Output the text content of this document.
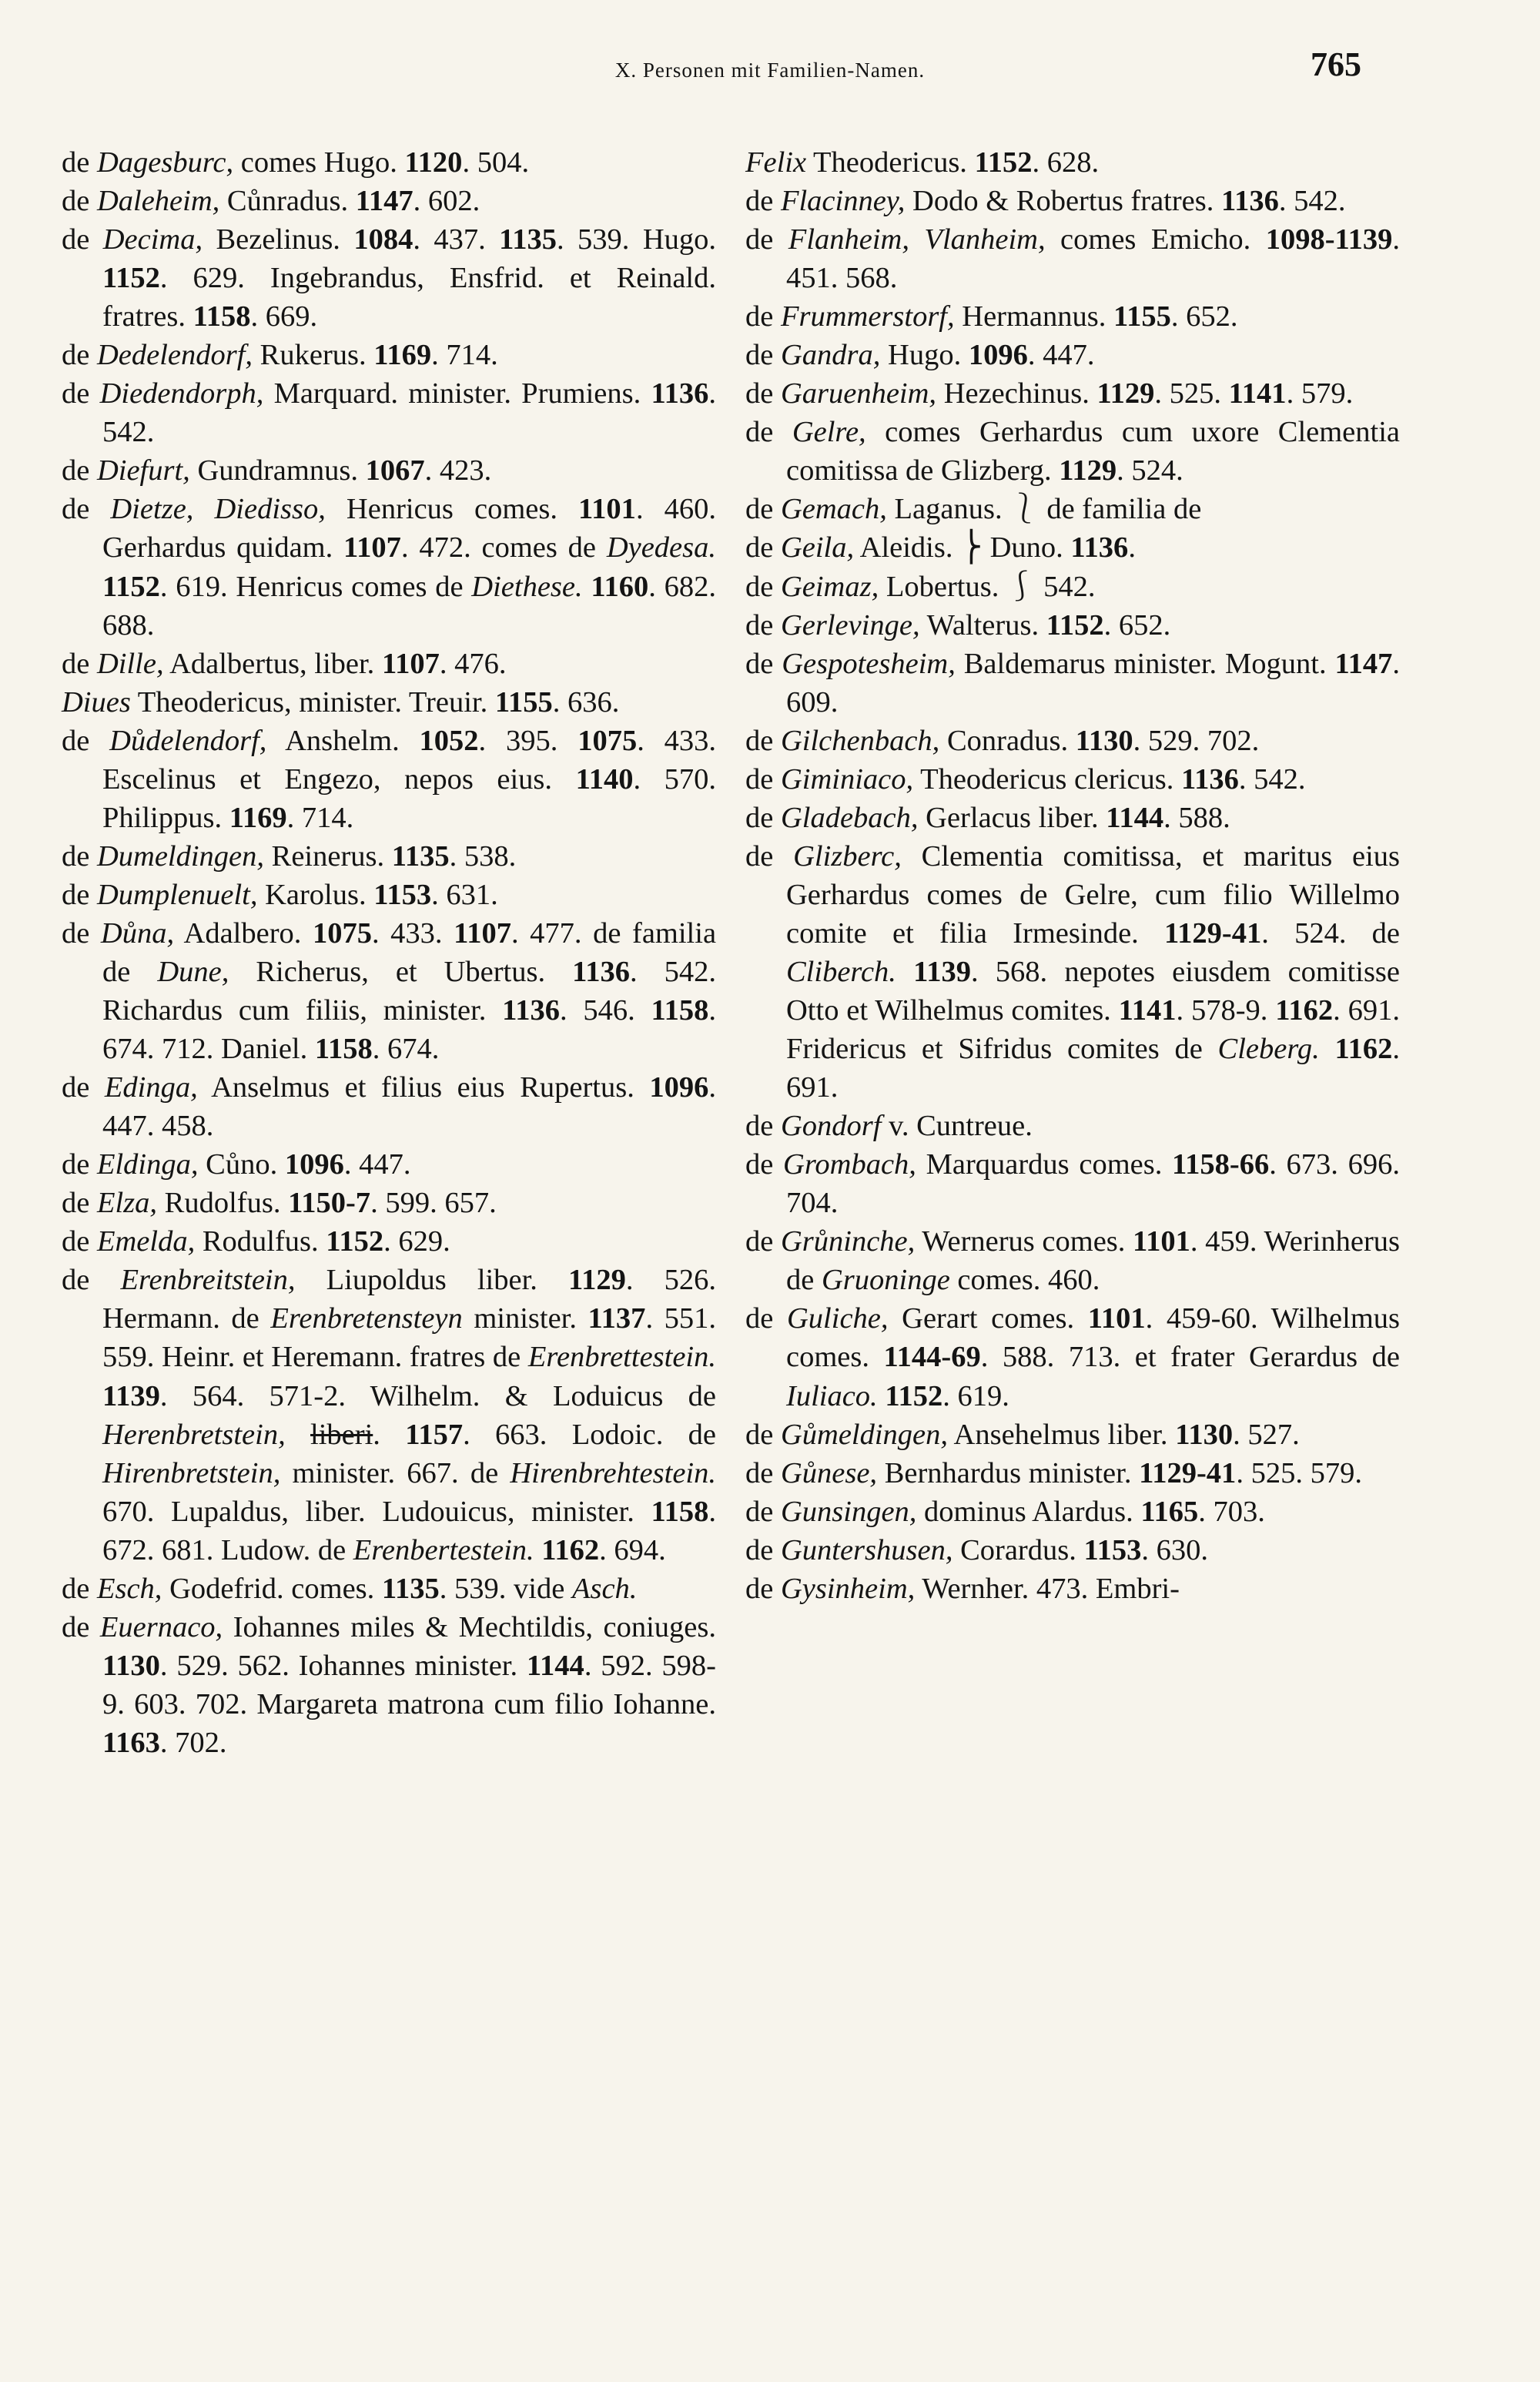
X. Personen mit Familien-Namen.	765

de Dagesburc, comes Hugo. 1120. 504.

de Daleheim, Cůnradus. 1147. 602.

de Decima, Bezelinus. 1084. 437. 1135. 539. Hugo. 1152. 629. Ingebrandus, Ensfrid. et Reinald. fratres. 1158. 669.

de Dedelendorf, Rukerus. 1169. 714.

de Diedendorph, Marquard. minister. Prumiens. 1136. 542.

de Diefurt, Gundramnus. 1067. 423.

de Dietze, Diedisso, Henricus comes. 1101. 460. Gerhardus quidam. 1107. 472. comes de Dyedesa. 1152. 619. Henricus comes de Diethese. 1160. 682. 688.

de Dille, Adalbertus, liber. 1107. 476.

Diues Theodericus, minister. Treuir. 1155. 636.

de Důdelendorf, Anshelm. 1052. 395. 1075. 433. Escelinus et Engezo, nepos eius. 1140. 570. Philippus. 1169. 714.

de Dumeldingen, Reinerus. 1135. 538.

de Dumplenuelt, Karolus. 1153. 631.

de Důna, Adalbero. 1075. 433. 1107. 477. de familia de Dune, Richerus, et Ubertus. 1136. 542. Richardus cum filiis, minister. 1136. 546. 1158. 674. 712. Daniel. 1158. 674.

de Edinga, Anselmus et filius eius Rupertus. 1096. 447. 458.

de Eldinga, Cůno. 1096. 447.

de Elza, Rudolfus. 1150-7. 599. 657.

de Emelda, Rodulfus. 1152. 629.

de Erenbreitstein, Liupoldus liber. 1129. 526. Hermann. de Erenbretensteyn minister. 1137. 551. 559. Heinr. et Heremann. fratres de Erenbrettestein. 1139. 564. 571-2. Wilhelm. & Loduicus de Herenbretstein, liberi. 1157. 663. Lodoic. de Hirenbretstein, minister. 667. de Hirenbrehtestein. 670. Lupaldus, liber. Ludouicus, minister. 1158. 672. 681. Ludow. de Erenbertestein. 1162. 694.

de Esch, Godefrid. comes. 1135. 539. vide Asch.

de Euernaco, Iohannes miles & Mechtildis, coniuges. 1130. 529. 562. Iohannes minister. 1144. 592. 598-9. 603. 702. Margareta matrona cum filio Iohanne. 1163. 702.

Felix Theodericus. 1152. 628.

de Flacinney, Dodo & Robertus fratres. 1136. 542.

de Flanheim, Vlanheim, comes Emicho. 1098-1139. 451. 568.

de Frummerstorf, Hermannus. 1155. 652.

de Gandra, Hugo. 1096. 447.

de Garuenheim, Hezechinus. 1129. 525. 1141. 579.

de Gelre, comes Gerhardus cum uxore Clementia comitissa de Glizberg. 1129. 524.

de Gemach, Laganus. ⎱ de familia de

de Geila, Aleidis. ⎬ Duno. 1136.

de Geimaz, Lobertus. ⎰ 542.

de Gerlevinge, Walterus. 1152. 652.

de Gespotesheim, Baldemarus minister. Mogunt. 1147. 609.

de Gilchenbach, Conradus. 1130. 529. 702.

de Giminiaco, Theodericus clericus. 1136. 542.

de Gladebach, Gerlacus liber. 1144. 588.

de Glizberc, Clementia comitissa, et maritus eius Gerhardus comes de Gelre, cum filio Willelmo comite et filia Irmesinde. 1129-41. 524. de Cliberch. 1139. 568. nepotes eiusdem comitisse Otto et Wilhelmus comites. 1141. 578-9. 1162. 691. Fridericus et Sifridus comites de Cleberg. 1162. 691.

de Gondorf v. Cuntreue.

de Grombach, Marquardus comes. 1158-66. 673. 696. 704.

de Grůninche, Wernerus comes. 1101. 459. Werinherus de Gruoninge comes. 460.

de Guliche, Gerart comes. 1101. 459-60. Wilhelmus comes. 1144-69. 588. 713. et frater Gerardus de Iuliaco. 1152. 619.

de Gůmeldingen, Ansehelmus liber. 1130. 527.

de Gůnese, Bernhardus minister. 1129-41. 525. 579.

de Gunsingen, dominus Alardus. 1165. 703.

de Guntershusen, Corardus. 1153. 630.

de Gysinheim, Wernher. 473. Embri-
